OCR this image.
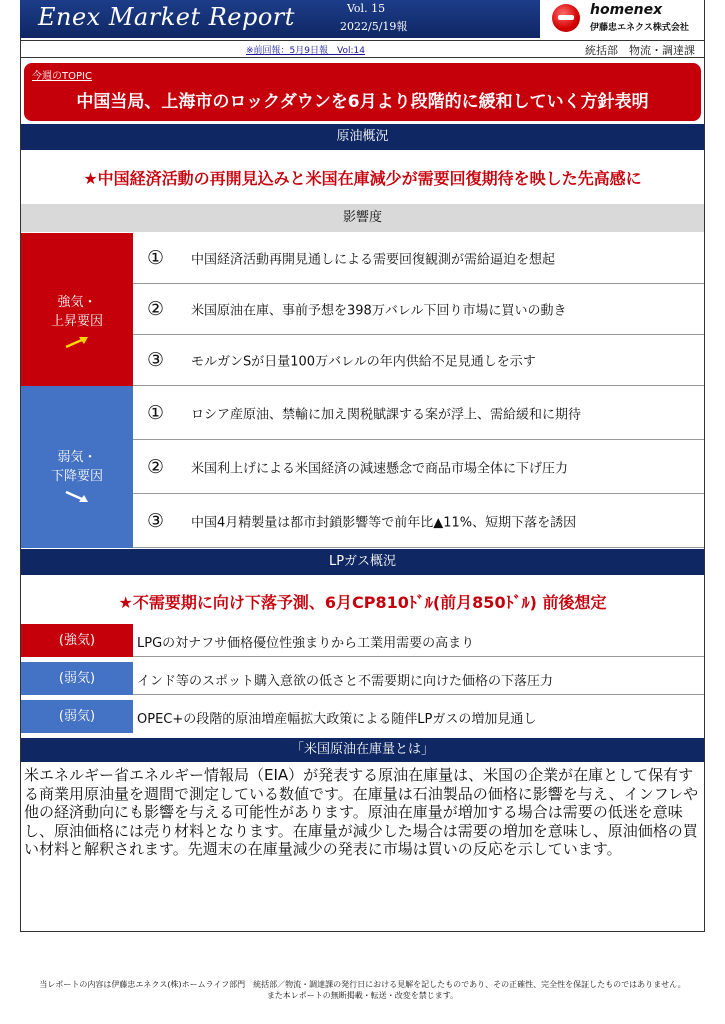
Enex Market Report	Vol. 15
2022/5/19報
homenex
伊藤忠エネクス株式会社
※前回報：5月9日報　Vol:14	統括部　物流・調達課
今週のTOPIC
中国当局、上海市のロックダウンを6月より段階的に緩和していく方針表明
原油概況
★中国経済活動の再開見込みと米国在庫減少が需要回復期待を映した先高感に
影響度
強気・
上昇要因
① 中国経済活動再開見通しによる需要回復観測が需給逼迫を想起
② 米国原油在庫、事前予想を398万バレル下回り市場に買いの動き
③ モルガンSが日量100万バレルの年内供給不足見通しを示す
弱気・
下降要因
① ロシア産原油、禁輸に加え関税賦課する案が浮上、需給緩和に期待
② 米国利上げによる米国経済の減速懸念で商品市場全体に下げ圧力
③ 中国4月精製量は都市封鎖影響等で前年比▲11%、短期下落を誘因
LPガス概況
★不需要期に向け下落予測、6月CP810ﾄﾞﾙ(前月850ﾄﾞﾙ) 前後想定
(強気)	LPGの対ナフサ価格優位性強まりから工業用需要の高まり
(弱気)	インド等のスポット購入意欲の低さと不需要期に向けた価格の下落圧力
(弱気)	OPEC+の段階的原油増産幅拡大政策による随伴LPガスの増加見通し
「米国原油在庫量とは」
米エネルギー省エネルギー情報局（EIA）が発表する原油在庫量は、米国の企業が在庫として保有する商業用原油量を週間で測定している数値です。在庫量は石油製品の価格に影響を与え、インフレや他の経済動向にも影響を与える可能性があります。原油在庫量が増加する場合は需要の低迷を意味し、原油価格には売り材料となります。在庫量が減少した場合は需要の増加を意味し、原油価格の買い材料と解釈されます。先週末の在庫量減少の発表に市場は買いの反応を示しています。
当レポートの内容は伊藤忠エネクス(株)ホームライフ部門　統括部／物流・調達課の発行日における見解を記したものであり、その正確性、完全性を保証したものではありません。
また本レポートの無断掲載・転送・改変を禁じます。
